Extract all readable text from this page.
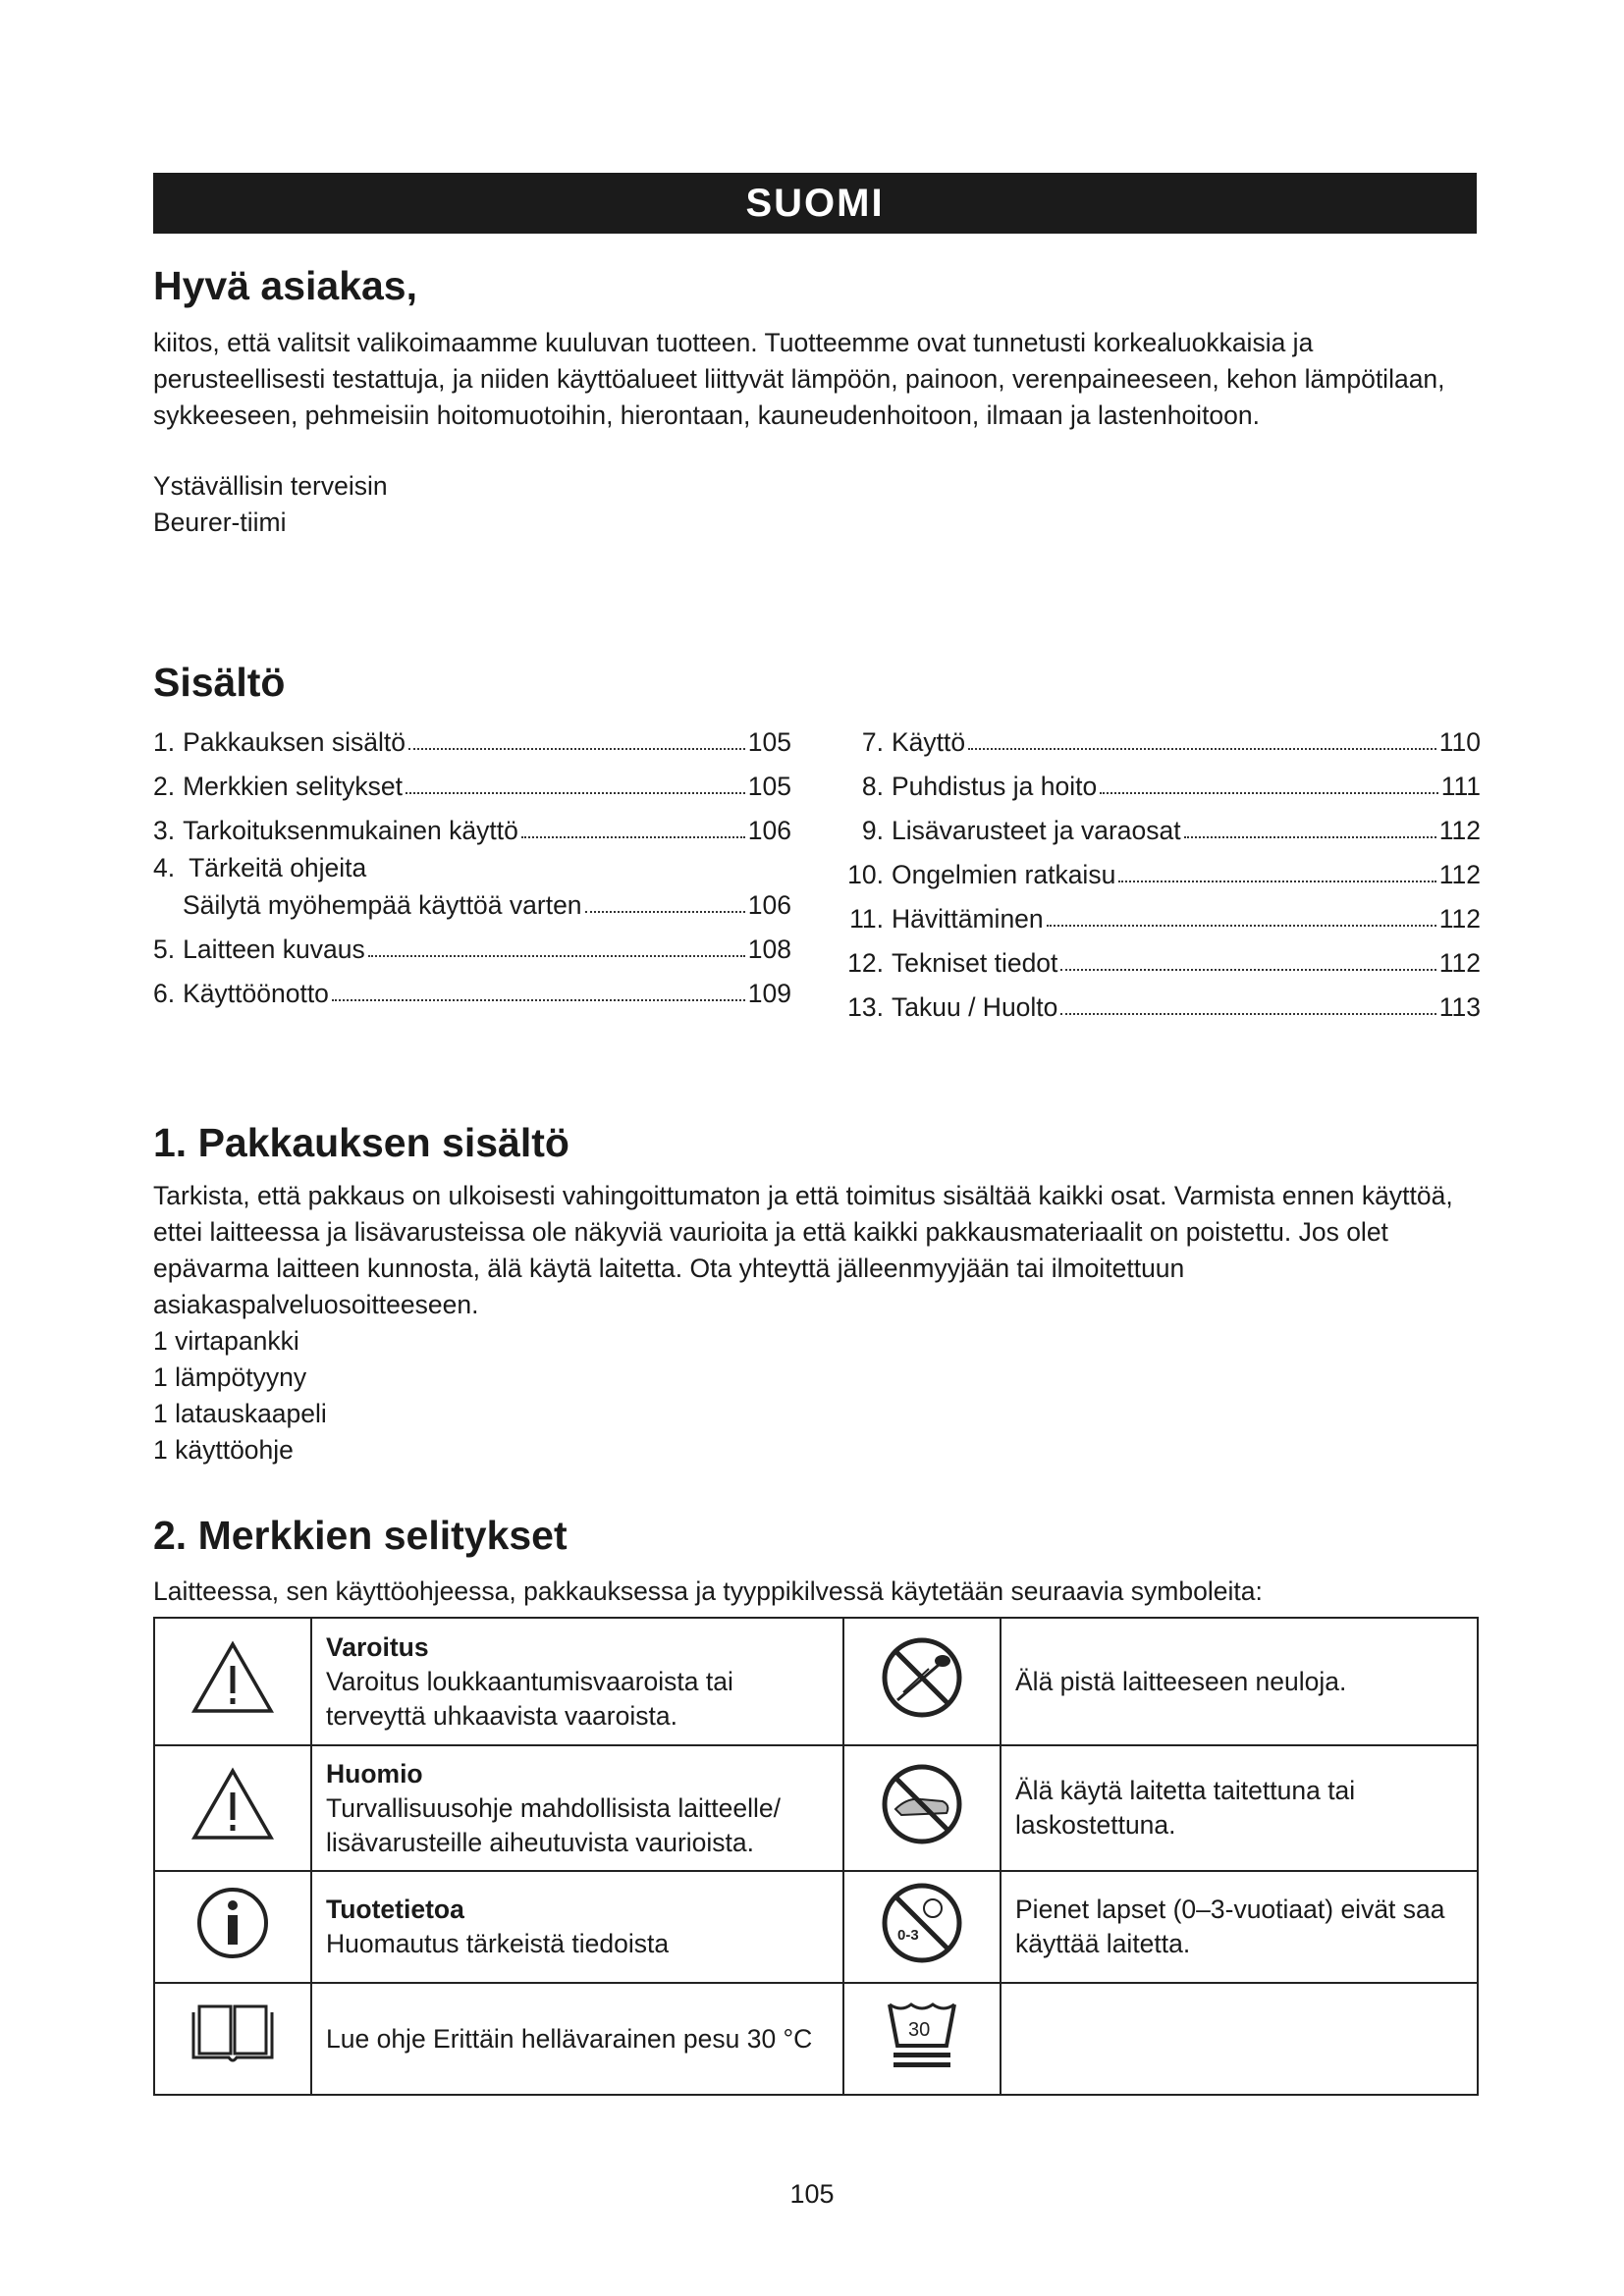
SUOMI
Hyvä asiakas,

kiitos, että valitsit valikoimaamme kuuluvan tuotteen. Tuotteemme ovat tunnetusti korkealuokkaisia ja perusteellisesti testattuja, ja niiden käyttöalueet liittyvät lämpöön, painoon, verenpaineeseen, kehon lämpötilaan, sykkeeseen, pehmeisiin hoitomuotoihin, hierontaan, kauneudenhoitoon, ilmaan ja lastenhoitoon.

Ystävällisin terveisin
Beurer-tiimi

Sisältö
1. Pakkauksen sisältö	105
2. Merkkien selitykset	105
3. Tarkoituksenmukainen käyttö	106
4. Tärkeitä ohjeita
Säilytä myöhempää käyttöä varten	106
5. Laitteen kuvaus	108
6. Käyttöönotto	109
7. Käyttö	110
8. Puhdistus ja hoito	111
9. Lisävarusteet ja varaosat	112
10. Ongelmien ratkaisu	112
11. Hävittäminen	112
12. Tekniset tiedot	112
13. Takuu / Huolto	113
1. Pakkauksen sisältö
Tarkista, että pakkaus on ulkoisesti vahingoittumaton ja että toimitus sisältää kaikki osat. Varmista ennen käyttöä, ettei laitteessa ja lisävarusteissa ole näkyviä vaurioita ja että kaikki pakkausmateriaalit on poistettu. Jos olet epävarma laitteen kunnosta, älä käytä laitetta. Ota yhteyttä jälleenmyyjään tai ilmoitettuun asiakaspalveluosoitteeseen.
1 virtapankki
1 lämpötyyny
1 latauskaapeli
1 käyttöohje
2. Merkkien selitykset

Laitteessa, sen käyttöohjeessa, pakkauksessa ja tyyppikilvessä käytetään seuraavia symboleita:

Varoitus
Varoitus loukkaantumisvaaroista tai terveyttä uhkaavista vaaroista.		Älä pistä laitteeseen neuloja.

Huomio
Turvallisuusohje mahdollisista laitteelle/ lisävarusteille aiheutuvista vaurioista.		Älä käytä laitetta taitettuna tai laskostettuna.

Tuotetietoa
Huomautus tärkeistä tiedoista	0-3	Pienet lapset (0–3-vuotiaat) eivät saa käyttää laitetta.
	Lue ohje Erittäin hellävarainen pesu 30 °C	30	

105
